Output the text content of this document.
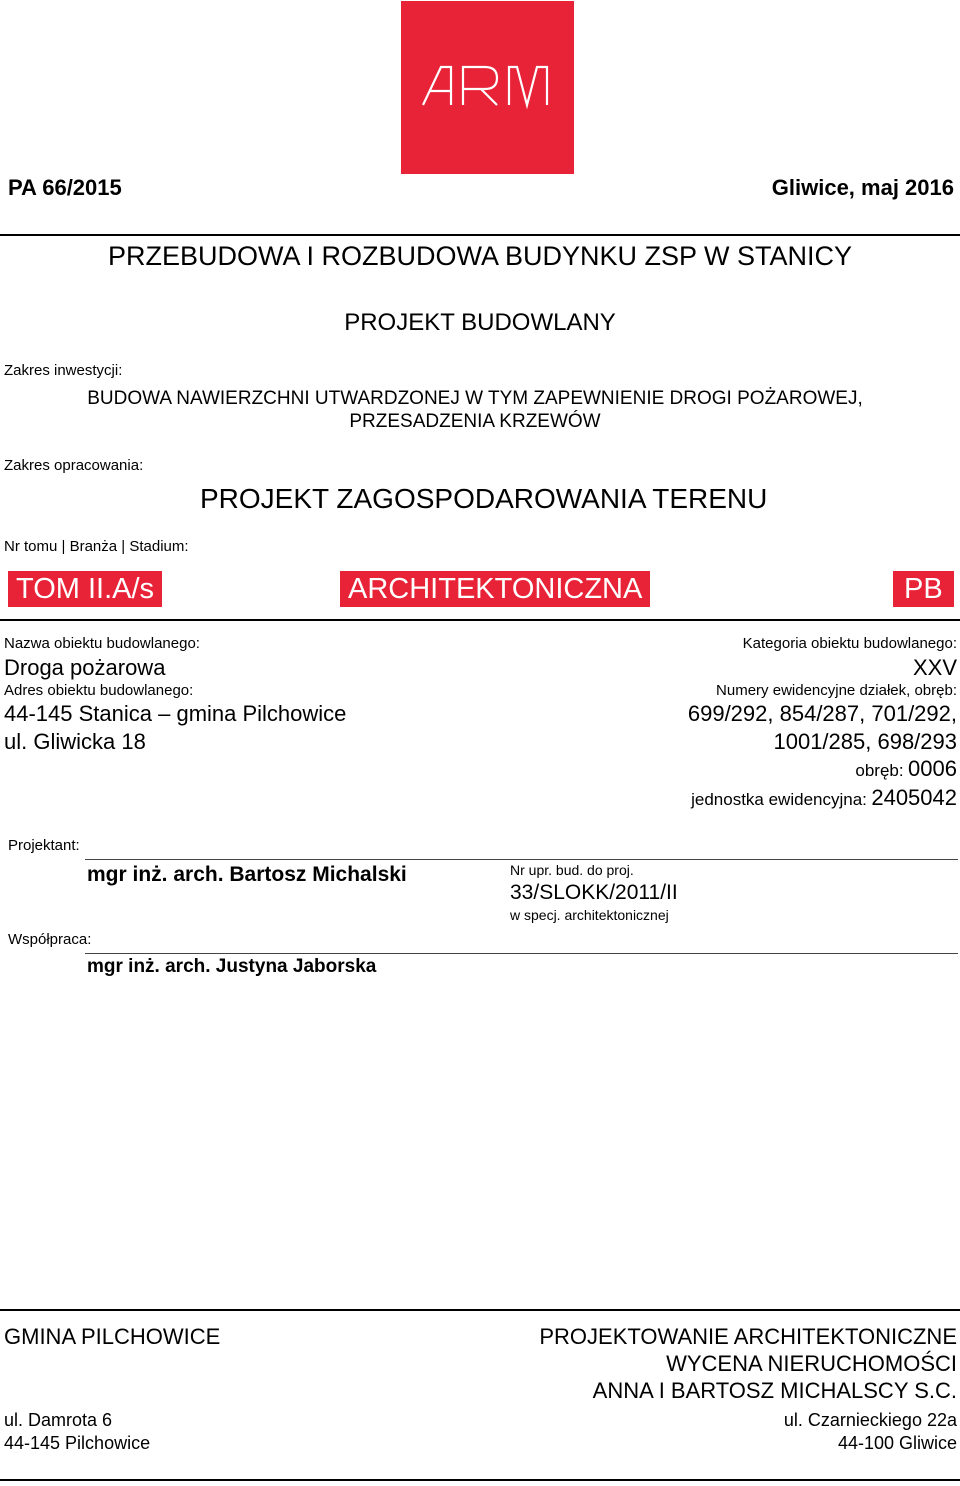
PA 66/2015	Gliwice, maj 2016
PRZEBUDOWA I ROZBUDOWA BUDYNKU ZSP W STANICY
PROJEKT BUDOWLANY
Zakres inwestycji:
BUDOWA NAWIERZCHNI UTWARDZONEJ W TYM ZAPEWNIENIE DROGI POŻAROWEJ,
PRZESADZENIA KRZEWÓW
Zakres opracowania:
PROJEKT ZAGOSPODAROWANIA TERENU
Nr tomu | Branża | Stadium:
TOM II.A/s	ARCHITEKTONICZNA	PB
Nazwa obiektu budowlanego:
Droga pożarowa
Adres obiektu budowlanego:
44-145 Stanica – gmina Pilchowice
ul. Gliwicka 18
Kategoria obiektu budowlanego:
XXV
Numery ewidencyjne działek, obręb:
699/292, 854/287, 701/292,
1001/285, 698/293
obręb: 0006
jednostka ewidencyjna: 2405042
Projektant:
mgr inż. arch. Bartosz Michalski	Nr upr. bud. do proj.
33/SLOKK/2011/II
w specj. architektonicznej
Współpraca:
mgr inż. arch. Justyna Jaborska
GMINA PILCHOWICE
ul. Damrota 6
44-145 Pilchowice
PROJEKTOWANIE ARCHITEKTONICZNE
WYCENA NIERUCHOMOŚCI
ANNA I BARTOSZ MICHALSCY S.C.
ul. Czarnieckiego 22a
44-100 Gliwice
